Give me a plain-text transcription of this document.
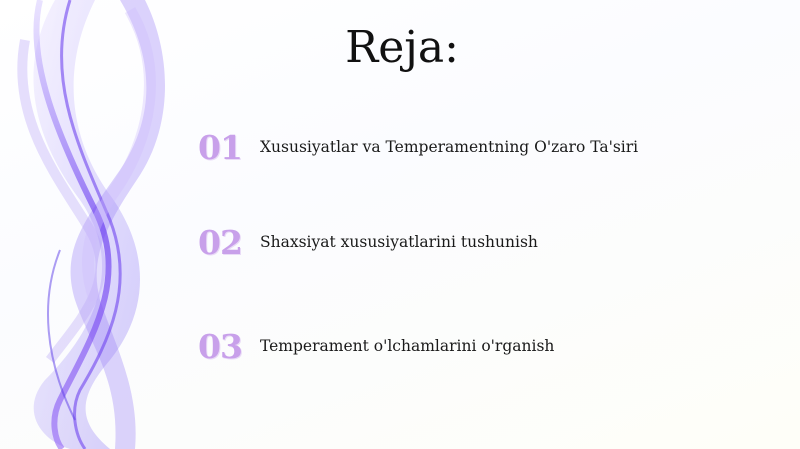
Reja:
01	Xususiyatlar va Temperamentning O'zaro Ta'siri
02	Shaxsiyat xususiyatlarini tushunish
03	Temperament o'lchamlarini o'rganish
